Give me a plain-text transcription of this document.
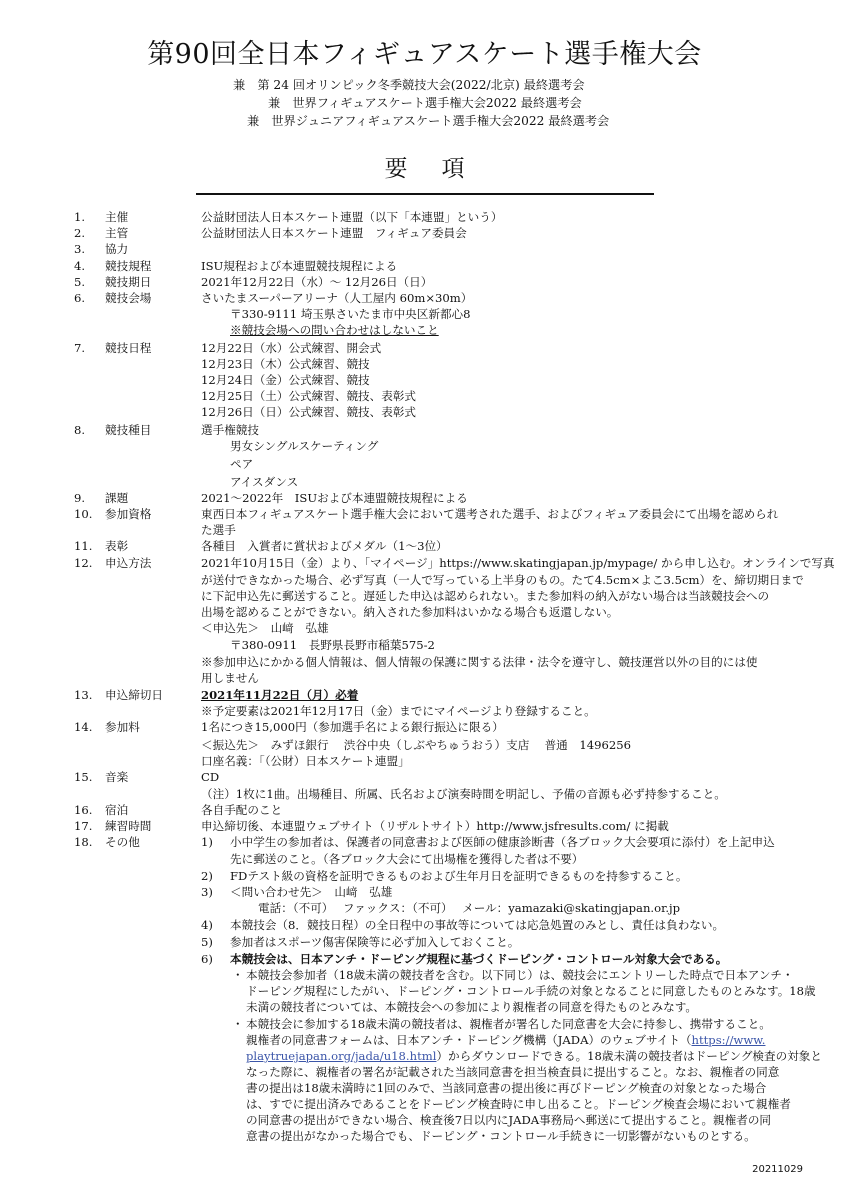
第90回全日本フィギュアスケート選手権大会
兼　第 24 回オリンピック冬季競技大会(2022/北京) 最終選考会
兼　世界フィギュアスケート選手権大会2022 最終選考会
兼　世界ジュニアフィギュアスケート選手権大会2022 最終選考会
要項
1.	主催	公益財団法人日本スケート連盟（以下「本連盟」という）
2.	主管	公益財団法人日本スケート連盟　フィギュア委員会
3.	協力
4.	競技規程	ISU規程および本連盟競技規程による
5.	競技期日	2021年12月22日（水）～ 12月26日（日）
6.	競技会場	さいたまスーパーアリーナ（人工屋内 60m×30m）
〒330-9111 埼玉県さいたま市中央区新都心8
※競技会場への問い合わせはしないこと
7.	競技日程	12月22日（水）公式練習、開会式
12月23日（木）公式練習、競技
12月24日（金）公式練習、競技
12月25日（土）公式練習、競技、表彰式
12月26日（日）公式練習、競技、表彰式
8.	競技種目	選手権競技
男女シングルスケーティング
ペア
アイスダンス
9.	課題	2021～2022年　ISUおよび本連盟競技規程による
10.	参加資格	東西日本フィギュアスケート選手権大会において選考された選手、およびフィギュア委員会にて出場を認められ
た選手
11.	表彰	各種目　入賞者に賞状およびメダル（1～3位）
12.	申込方法	2021年10月15日（金）より、「マイページ」https://www.skatingjapan.jp/mypage/ から申し込む。オンラインで写真
が送付できなかった場合、必ず写真（一人で写っている上半身のもの。たて4.5cm×よこ3.5cm）を、締切期日まで
に下記申込先に郵送すること。遅延した申込は認められない。また参加料の納入がない場合は当該競技会への
出場を認めることができない。納入された参加料はいかなる場合も返還しない。
＜申込先＞　山﨑　弘雄
〒380-0911　長野県長野市稲葉575-2
※参加申込にかかる個人情報は、個人情報の保護に関する法律・法令を遵守し、競技運営以外の目的には使
用しません
13.	申込締切日	2021年11月22日（月）必着
※予定要素は2021年12月17日（金）までにマイページより登録すること。
14.	参加料	1名につき15,000円（参加選手名による銀行振込に限る）
＜振込先＞　みずほ銀行　 渋谷中央（しぶやちゅうおう）支店　 普通　1496256
口座名義：「（公財）日本スケート連盟」
15.	音楽	CD
（注）1枚に1曲。出場種目、所属、氏名および演奏時間を明記し、予備の音源も必ず持参すること。
16.	宿泊	各自手配のこと
17.	練習時間	申込締切後、本連盟ウェブサイト（リザルトサイト）http://www.jsfresults.com/ に掲載
18.	その他	1) 小中学生の参加者は、保護者の同意書および医師の健康診断書（各ブロック大会要項に添付）を上記申込
先に郵送のこと。（各ブロック大会にて出場権を獲得した者は不要）
2) FDテスト級の資格を証明できるものおよび生年月日を証明できるものを持参すること。
3) ＜問い合わせ先＞　山﨑　弘雄
電話：（不可）　 ファックス：（不可）　 メール：yamazaki@skatingjapan.or.jp
4) 本競技会（8．競技日程）の全日程中の事故等については応急処置のみとし、責任は負わない。
5) 参加者はスポーツ傷害保険等に必ず加入しておくこと。
6) 本競技会は、日本アンチ・ドーピング規程に基づくドーピング・コントロール対象大会である。
・ 本競技会参加者（18歳未満の競技者を含む。以下同じ）は、競技会にエントリーした時点で日本アンチ・
ドーピング規程にしたがい、ドーピング・コントロール手続の対象となることに同意したものとみなす。18歳
未満の競技者については、本競技会への参加により親権者の同意を得たものとみなす。
・ 本競技会に参加する18歳未満の競技者は、親権者が署名した同意書を大会に持参し、携帯すること。
親権者の同意書フォームは、日本アンチ・ドーピング機構（JADA）のウェブサイト（https://www.
playtruejapan.org/jada/u18.html）からダウンロードできる。18歳未満の競技者はドーピング検査の対象と
なった際に、親権者の署名が記載された当該同意書を担当検査員に提出すること。なお、親権者の同意
書の提出は18歳未満時に1回のみで、当該同意書の提出後に再びドーピング検査の対象となった場合
は、すでに提出済みであることをドーピング検査時に申し出ること。ドーピング検査会場において親権者
の同意書の提出ができない場合、検査後7日以内にJADA事務局へ郵送にて提出すること。親権者の同
意書の提出がなかった場合でも、ドーピング・コントロール手続きに一切影響がないものとする。
20211029
